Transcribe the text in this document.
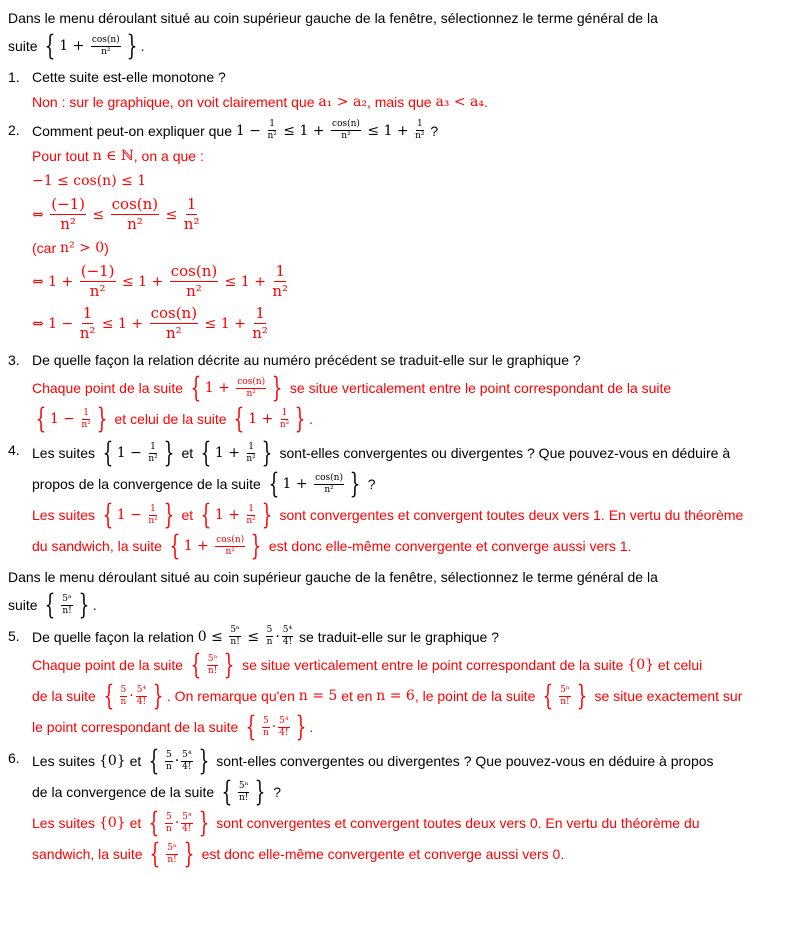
Dans le menu déroulant situé au coin supérieur gauche de la fenêtre, sélectionnez le terme général de la
suite { $1 + \frac{\cos(n)}{\text{n²}}$ } .
1. Cette suite est-elle monotone ?
Non : sur le graphique, on voit clairement que a₁ > a₂ , mais que a₃ < a₄ .
2. Comment peut-on expliquer que $1 - \frac{1}{\text{n²}} \le 1 + \frac{\cos(n)}{\text{n²}} \le 1 + \frac{1}{\text{n²}}$ ?
Pour tout n ∈ ℕ , on a que :
−1 ≤ cos(n) ≤ 1
⇔ $\frac{(-1)}{\text{n²}} \le \frac{\cos(n)}{\text{n²}} \le \frac{1}{\text{n²}}$
(car n² > 0 )
⇔ $1 + \frac{(-1)}{\text{n²}} \le 1 + \frac{\cos(n)}{\text{n²}} \le 1 + \frac{1}{\text{n²}}$
⇔ $1 - \frac{1}{\text{n²}} \le 1 + \frac{\cos(n)}{\text{n²}} \le 1 + \frac{1}{\text{n²}}$
3. De quelle façon la relation décrite au numéro précédent se traduit-elle sur le graphique ?
Chaque point de la suite { $1 + \frac{\cos(n)}{\text{n²}}$ } se situe verticalement entre le point correspondant de la suite
{ $1 - \frac{1}{\text{n²}}$ } et celui de la suite { $1 + \frac{1}{\text{n²}}$ } .
4. Les suites { $1 - \frac{1}{\text{n²}}$ } et { $1 + \frac{1}{\text{n²}}$ } sont-elles convergentes ou divergentes ? Que pouvez-vous en déduire à
propos de la convergence de la suite { $1 + \frac{\cos(n)}{\text{n²}}$ } ?
Les suites { $1 - \frac{1}{\text{n²}}$ } et { $1 + \frac{1}{\text{n²}}$ } sont convergentes et convergent toutes deux vers 1. En vertu du théorème
du sandwich, la suite { $1 + \frac{\cos(n)}{\text{n²}}$ } est donc elle-même convergente et converge aussi vers 1.
Dans le menu déroulant situé au coin supérieur gauche de la fenêtre, sélectionnez le terme général de la
suite { $\frac{\text{5ⁿ}}{n!}$ } .
5. De quelle façon la relation $0 \le \frac{\text{5ⁿ}}{n!} \le \frac{5}{n} \cdot \frac{\text{5⁴}}{4!}$ se traduit-elle sur le graphique ?
Chaque point de la suite { $\frac{\text{5ⁿ}}{n!}$ } se situe verticalement entre le point correspondant de la suite {0} et celui
de la suite { $\frac{5}{n} \cdot \frac{\text{5⁴}}{4!}$ } . On remarque qu'en n = 5 et en n = 6 , le point de la suite { $\frac{\text{5ⁿ}}{n!}$ } se situe exactement sur
le point correspondant de la suite { $\frac{5}{n} \cdot \frac{\text{5⁴}}{4!}$ } .
6. Les suites {0} et { $\frac{5}{n} \cdot \frac{\text{5⁴}}{4!}$ } sont-elles convergentes ou divergentes ? Que pouvez-vous en déduire à propos
de la convergence de la suite { $\frac{\text{5ⁿ}}{n!}$ } ?
Les suites {0} et { $\frac{5}{n} \cdot \frac{\text{5⁴}}{4!}$ } sont convergentes et convergent toutes deux vers 0. En vertu du théorème du
sandwich, la suite { $\frac{\text{5ⁿ}}{n!}$ } est donc elle-même convergente et converge aussi vers 0.
